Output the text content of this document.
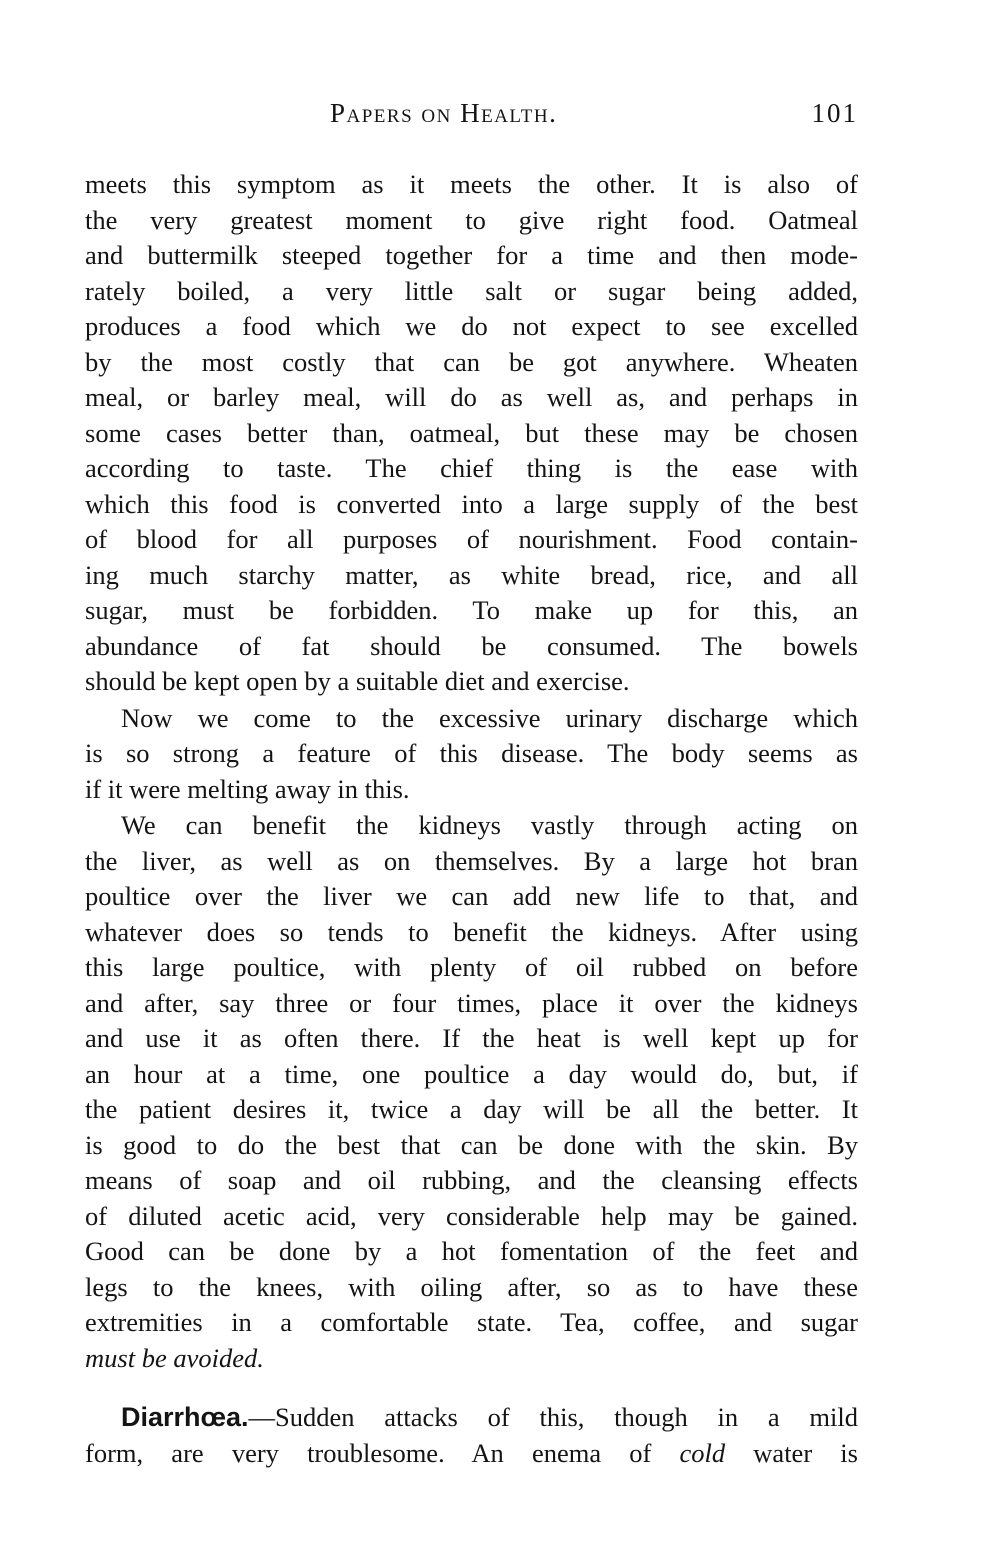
Papers on Health.	101
meets this symptom as it meets the other. It is also of
the very greatest moment to give right food. Oatmeal
and buttermilk steeped together for a time and then mode-
rately boiled, a very little salt or sugar being added,
produces a food which we do not expect to see excelled
by the most costly that can be got anywhere. Wheaten
meal, or barley meal, will do as well as, and perhaps in
some cases better than, oatmeal, but these may be chosen
according to taste. The chief thing is the ease with
which this food is converted into a large supply of the best
of blood for all purposes of nourishment. Food contain-
ing much starchy matter, as white bread, rice, and all
sugar, must be forbidden. To make up for this, an
abundance of fat should be consumed. The bowels
should be kept open by a suitable diet and exercise.
Now we come to the excessive urinary discharge which
is so strong a feature of this disease. The body seems as
if it were melting away in this.
We can benefit the kidneys vastly through acting on
the liver, as well as on themselves. By a large hot bran
poultice over the liver we can add new life to that, and
whatever does so tends to benefit the kidneys. After using
this large poultice, with plenty of oil rubbed on before
and after, say three or four times, place it over the kidneys
and use it as often there. If the heat is well kept up for
an hour at a time, one poultice a day would do, but, if
the patient desires it, twice a day will be all the better. It
is good to do the best that can be done with the skin. By
means of soap and oil rubbing, and the cleansing effects
of diluted acetic acid, very considerable help may be gained.
Good can be done by a hot fomentation of the feet and
legs to the knees, with oiling after, so as to have these
extremities in a comfortable state. Tea, coffee, and sugar
must be avoided.
Diarrhœa.—Sudden attacks of this, though in a mild
form, are very troublesome. An enema of cold water is
